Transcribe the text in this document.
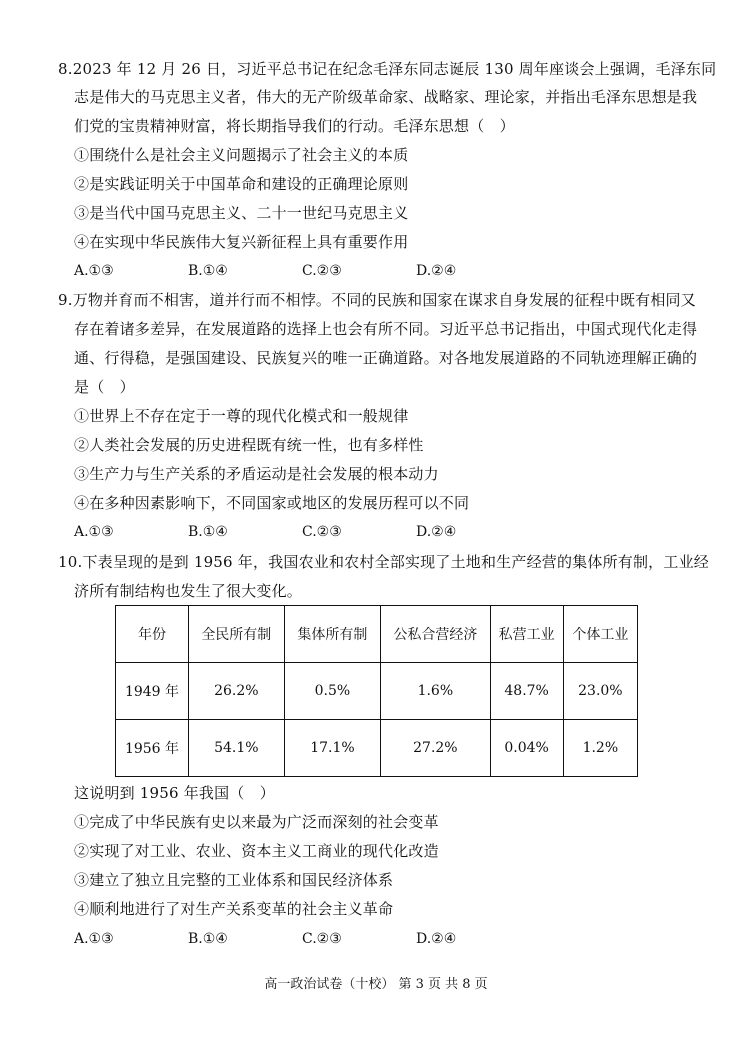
8.2023 年 12 月 26 日，习近平总书记在纪念毛泽东同志诞辰 130 周年座谈会上强调，毛泽东同
志是伟大的马克思主义者，伟大的无产阶级革命家、战略家、理论家，并指出毛泽东思想是我
们党的宝贵精神财富，将长期指导我们的行动。毛泽东思想（　）
①围绕什么是社会主义问题揭示了社会主义的本质
②是实践证明关于中国革命和建设的正确理论原则
③是当代中国马克思主义、二十一世纪马克思主义
④在实现中华民族伟大复兴新征程上具有重要作用
A.①③	B.①④	C.②③	D.②④
9.万物并育而不相害，道并行而不相悖。不同的民族和国家在谋求自身发展的征程中既有相同又
存在着诸多差异，在发展道路的选择上也会有所不同。习近平总书记指出，中国式现代化走得
通、行得稳，是强国建设、民族复兴的唯一正确道路。对各地发展道路的不同轨迹理解正确的
是（　）
①世界上不存在定于一尊的现代化模式和一般规律
②人类社会发展的历史进程既有统一性，也有多样性
③生产力与生产关系的矛盾运动是社会发展的根本动力
④在多种因素影响下，不同国家或地区的发展历程可以不同
A.①③	B.①④	C.②③	D.②④
10.下表呈现的是到 1956 年，我国农业和农村全部实现了土地和生产经营的集体所有制，工业经
济所有制结构也发生了很大变化。
年份	全民所有制	集体所有制	公私合营经济	私营工业	个体工业
1949 年	26.2%	0.5%	1.6%	48.7%	23.0%
1956 年	54.1%	17.1%	27.2%	0.04%	1.2%
这说明到 1956 年我国（　）
①完成了中华民族有史以来最为广泛而深刻的社会变革
②实现了对工业、农业、资本主义工商业的现代化改造
③建立了独立且完整的工业体系和国民经济体系
④顺利地进行了对生产关系变革的社会主义革命
A.①③	B.①④	C.②③	D.②④
高一政治试卷（十校） 第 3 页 共 8 页
